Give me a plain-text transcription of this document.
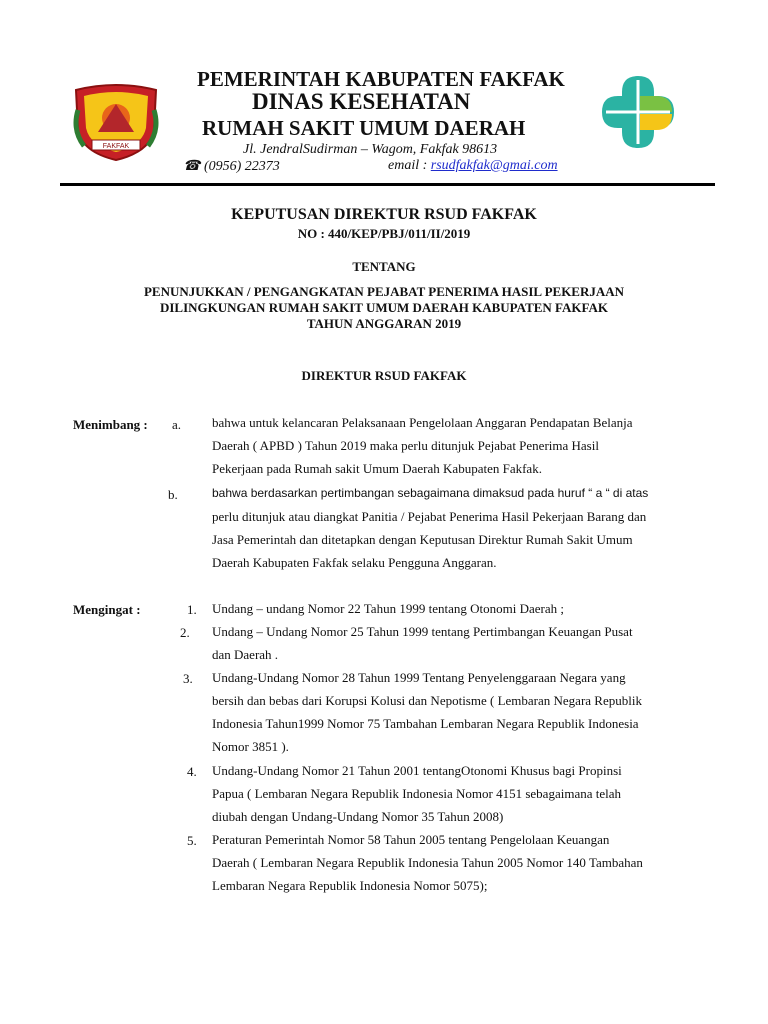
FAKFAK
PEMERINTAH KABUPATEN FAKFAK
DINAS KESEHATAN
RUMAH SAKIT UMUM DAERAH
Jl. JendralSudirman – Wagom, Fakfak 98613
☎ (0956) 22373	email : rsudfakfak@gmai.com
KEPUTUSAN DIREKTUR RSUD FAKFAK
NO : 440/KEP/PBJ/011/II/2019
TENTANG
PENUNJUKKAN / PENGANGKATAN PEJABAT PENERIMA HASIL PEKERJAAN
DILINGKUNGAN RUMAH SAKIT UMUM DAERAH KABUPATEN FAKFAK
TAHUN ANGGARAN 2019
DIREKTUR RSUD FAKFAK
Menimbang : a. bahwa untuk kelancaran Pelaksanaan Pengelolaan Anggaran Pendapatan Belanja
Daerah ( APBD ) Tahun 2019 maka perlu ditunjuk Pejabat Penerima Hasil
Pekerjaan pada Rumah sakit Umum Daerah Kabupaten Fakfak.
b.	bahwa berdasarkan pertimbangan sebagaimana dimaksud pada huruf “ a “ di atas
perlu ditunjuk atau diangkat Panitia / Pejabat Penerima Hasil Pekerjaan Barang dan
Jasa Pemerintah dan ditetapkan dengan Keputusan Direktur Rumah Sakit Umum
Daerah Kabupaten Fakfak selaku Pengguna Anggaran.
Mengingat :	1. Undang – undang Nomor 22 Tahun 1999 tentang Otonomi Daerah ;
2. Undang – Undang Nomor 25 Tahun 1999 tentang Pertimbangan Keuangan Pusat
dan Daerah .
3. Undang-Undang Nomor 28 Tahun 1999 Tentang Penyelenggaraan Negara yang
bersih dan bebas dari Korupsi Kolusi dan Nepotisme ( Lembaran Negara Republik
Indonesia Tahun1999 Nomor 75 Tambahan Lembaran Negara Republik Indonesia
Nomor 3851 ).
4. Undang-Undang Nomor 21 Tahun 2001 tentangOtonomi Khusus bagi Propinsi
Papua ( Lembaran Negara Republik Indonesia Nomor 4151 sebagaimana telah
diubah dengan Undang-Undang Nomor 35 Tahun 2008)
5. Peraturan Pemerintah Nomor 58 Tahun 2005 tentang Pengelolaan Keuangan
Daerah ( Lembaran Negara Republik Indonesia Tahun 2005 Nomor 140 Tambahan
Lembaran Negara Republik Indonesia Nomor 5075);
